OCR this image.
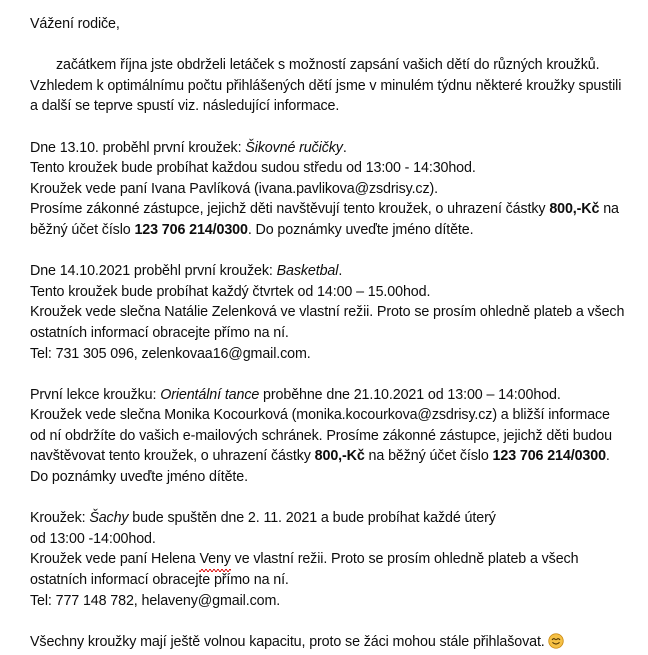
Vážení rodiče,

začátkem října jste obdrželi letáček s možností zapsání vašich dětí do různých kroužků. Vzhledem k optimálnímu počtu přihlášených dětí jsme v minulém týdnu některé kroužky spustili a další se teprve spustí viz. následující informace.

Dne 13.10. proběhl první kroužek: Šikovné ručičky.

Tento kroužek bude probíhat každou sudou středu od 13:00 - 14:30hod.

Kroužek vede paní Ivana Pavlíková (ivana.pavlikova@zsdrisy.cz).

Prosíme zákonné zástupce, jejichž děti navštěvují tento kroužek, o uhrazení částky 800,-Kč na běžný účet číslo 123 706 214/0300. Do poznámky uveďte jméno dítěte.

Dne 14.10.2021 proběhl první kroužek: Basketbal.

Tento kroužek bude probíhat každý čtvrtek od 14:00 – 15.00hod.

Kroužek vede slečna Natálie Zelenková ve vlastní režii. Proto se prosím ohledně plateb a všech ostatních informací obracejte přímo na ní.

Tel: 731 305 096, zelenkovaa16@gmail.com.

První lekce kroužku: Orientální tance proběhne dne 21.10.2021 od 13:00 – 14:00hod.

Kroužek vede slečna Monika Kocourková (monika.kocourkova@zsdrisy.cz) a bližší informace od ní obdržíte do vašich e-mailových schránek. Prosíme zákonné zástupce, jejichž děti budou navštěvovat tento kroužek, o uhrazení částky 800,-Kč na běžný účet číslo 123 706 214/0300. Do poznámky uveďte jméno dítěte.

Kroužek: Šachy bude spuštěn dne 2. 11. 2021 a bude probíhat každé úterý

od 13:00 -14:00hod.

Kroužek vede paní Helena Veny ve vlastní režii. Proto se prosím ohledně plateb a všech ostatních informací obracejte přímo na ní.

Tel: 777 148 782, helaveny@gmail.com.

Všechny kroužky mají ještě volnou kapacitu, proto se žáci mohou stále přihlašovat.
